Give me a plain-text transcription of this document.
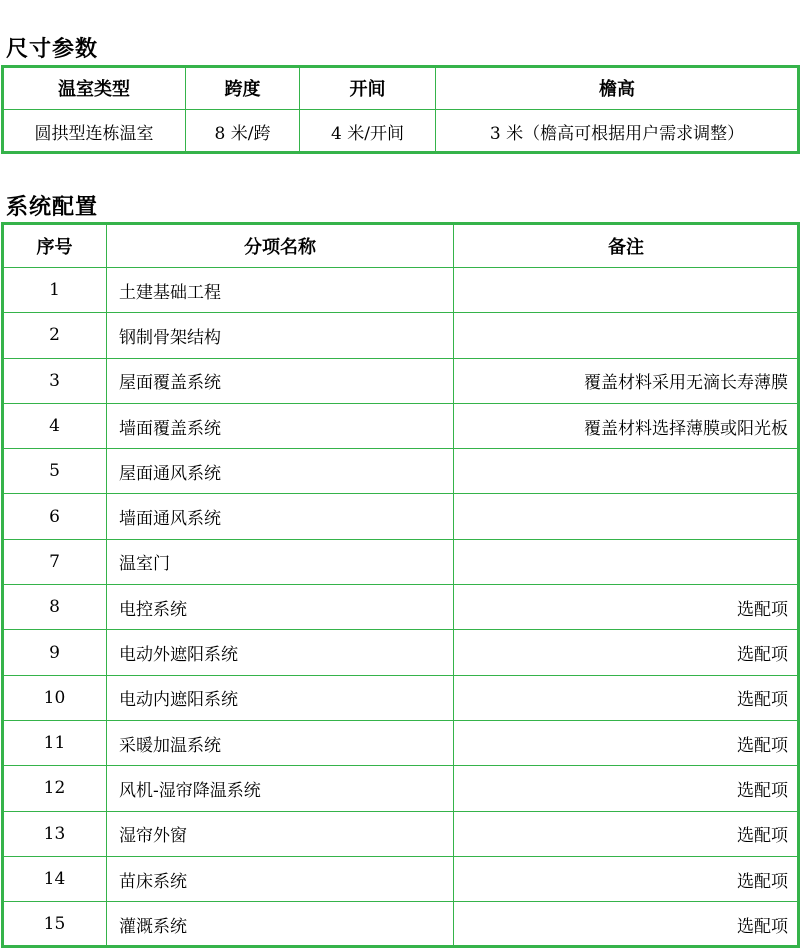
尺寸参数
温室类型	跨度	开间	檐高
圆拱型连栋温室	8 米/跨	4 米/开间	3 米（檐高可根据用户需求调整）
系统配置
序号	分项名称	备注
1	土建基础工程	
2	钢制骨架结构	
3	屋面覆盖系统	覆盖材料采用无滴长寿薄膜
4	墙面覆盖系统	覆盖材料选择薄膜或阳光板
5	屋面通风系统	
6	墙面通风系统	
7	温室门	
8	电控系统	选配项
9	电动外遮阳系统	选配项
10	电动内遮阳系统	选配项
11	采暖加温系统	选配项
12	风机-湿帘降温系统	选配项
13	湿帘外窗	选配项
14	苗床系统	选配项
15	灌溉系统	选配项
